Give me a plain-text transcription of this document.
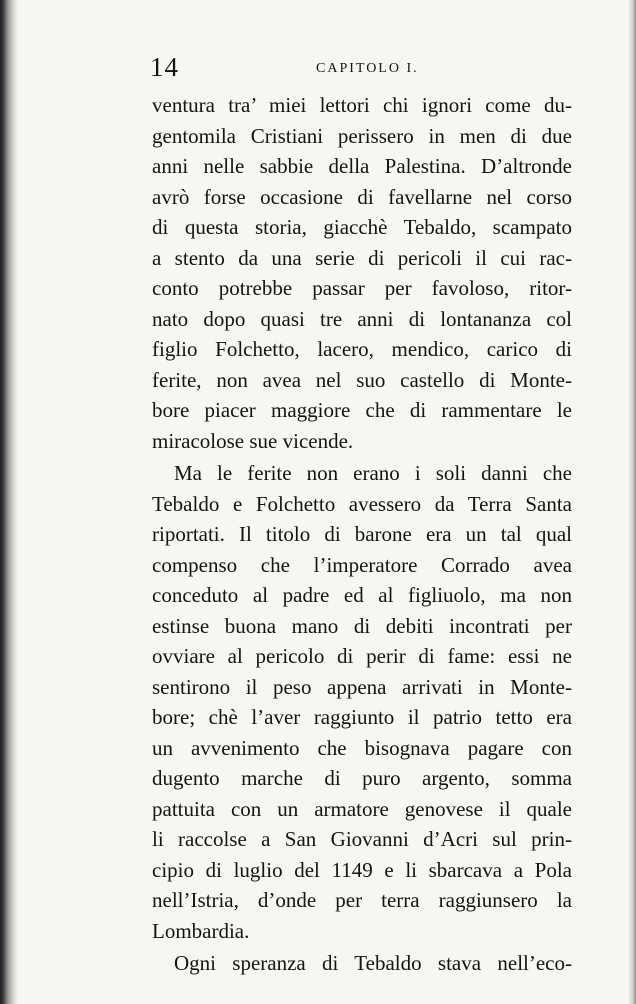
14	CAPITOLO I.
ventura tra’ miei lettori chi ignori come du-
gentomila Cristiani perissero in men di due
anni nelle sabbie della Palestina. D’altronde
avrò forse occasione di favellarne nel corso
di questa storia, giacchè Tebaldo, scampato
a stento da una serie di pericoli il cui rac-
conto potrebbe passar per favoloso, ritor-
nato dopo quasi tre anni di lontananza col
figlio Folchetto, lacero, mendico, carico di
ferite, non avea nel suo castello di Monte-
bore piacer maggiore che di rammentare le
miracolose sue vicende.
Ma le ferite non erano i soli danni che
Tebaldo e Folchetto avessero da Terra Santa
riportati. Il titolo di barone era un tal qual
compenso che l’imperatore Corrado avea
conceduto al padre ed al figliuolo, ma non
estinse buona mano di debiti incontrati per
ovviare al pericolo di perir di fame: essi ne
sentirono il peso appena arrivati in Monte-
bore; chè l’aver raggiunto il patrio tetto era
un avvenimento che bisognava pagare con
dugento marche di puro argento, somma
pattuita con un armatore genovese il quale
li raccolse a San Giovanni d’Acri sul prin-
cipio di luglio del 1149 e li sbarcava a Pola
nell’Istria, d’onde per terra raggiunsero la
Lombardia.
Ogni speranza di Tebaldo stava nell’eco-
